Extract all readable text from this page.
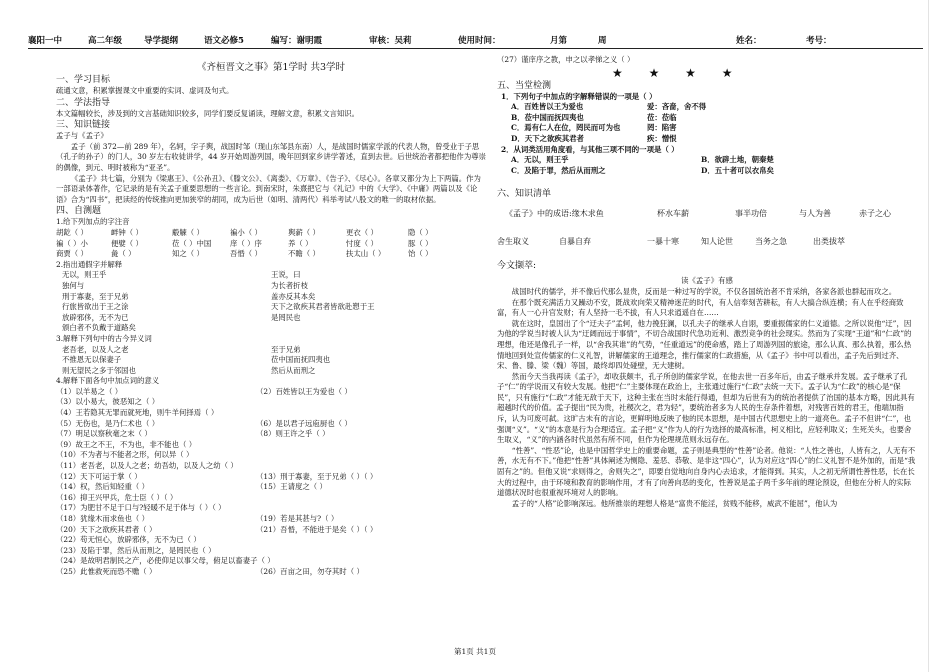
襄阳一中	高二年级	导学提纲	语文必修5	编写：谢明霞	审核：吴莉	使用时间：	月第	周	姓名：	考号：
《齐桓晋文之事》第1学时 共3学时
一、学习目标
疏通文意，积累掌握课文中重要的实词、虚词及句式。
二、学法指导
本文篇幅较长，涉及到的文言基础知识较多，同学们要反复诵读，理解文意，积累文言知识。
三、知识链接
孟子与《孟子》
孟子（前 372—前 289 年），名轲，字子舆，战国时邹（现山东邹县东南）人，是战国时儒家学派的代表人物，曾受业于子思（孔子的孙子）的门人，30 岁左右收徒讲学，44 岁开始周游列国，晚年回到家乡讲学著述，直到去世。后世统治者都把他作为尊崇的偶像，到元、明时被称为“亚圣”。
《孟子》共七篇，分别为《梁惠王》、《公孙丑》、《滕文公》、《离娄》、《万章》、《告子》、《尽心》。各章又都分为上下两篇。作为一部语录体著作，它记录的是有关孟子重要思想的一些言论。到南宋时，朱熹把它与《礼记》中的《大学》、《中庸》两篇以及《论语》合为“四书”，把读经的传统推向更加狭窄的胡同，成为后世（如明、清两代）科举考试八股文的唯一的取材依据。
四、自测题
1.给下列加点的字注音
胡龁（ ）	衅钟（ ）	觳觫（ ）	褊小（ ）	舆薪（ ）	更衣（ ）	隐（ ）
褊（ ）小	便嬖（ ）	莅（ ）中国	庠（ ）序	养（ ）	忖度（ ）	豚（ ）
商贾（ ）	彘（ ）	知之（ ）	吾惛（ ）	不瞻（ ）	扶太山（ ）	饴（ ）
2.指出通假字并解释
无以，则王乎
独何与
刑于寡妻，至于兄弟
行旅皆欲出于王之涂
放辟邪侈，无不为已
颁白者不负戴于道路矣
王说，曰
为长者折枝
盖亦反其本矣
天下之欲疾其君者皆欲赴愬于王
是罔民也
3.解释下列句中的古今异义词
老吾老，以及人之老	至于兄弟
不推恩无以保妻子	莅中国而抚四夷也
则无望民之多于邻国也	然后从而刑之
4.解释下面各句中加点词的意义
（1）以羊易之（ ）	（2）百姓皆以王为爱也（ ）
（3）以小易大，彼恶知之（ ）
（4）王若隐其无罪而就死地，则牛羊何择焉（ ）
（5）无伤也，是乃仁术也（ ）	（6）是以君子远庖厨也（ ）
（7）明足以察秋毫之末（ ）	（8）则王许之乎（ ）
（9）故王之不王，不为也，非不能也（ ）
（10）不为者与不能者之形，何以异（ ）
（11）老吾老，以及人之老；幼吾幼，以及人之幼（ ）
（12）天下可运于掌（ ）	（13）刑于寡妻，至于兄弟（ ）（ ）
（14）权，然后知轻重（ ）	（15）王请度之（ ）
（16）抑王兴甲兵，危士臣（ ）（ ）
（17）为肥甘不足于口与?轻暖不足于体与（ ）（ ）
（18）犹缘木而求鱼也（ ）	（19）若是其甚与?（ ）
（20）天下之欲疾其君者（ ）	（21）吾惛，不能进于是矣（ ）（ ）
（22）苟无恒心，放辟邪侈，无不为已（ ）
（23）及陷于罪，然后从而刑之，是罔民也（ ）
（24）是故明君制民之产，必使仰足以事父母，俯足以畜妻子（ ）
（25）此惟救死而恐不赡（ ）	（26）百亩之田，勿夺其时（ ）
（27）谨庠序之教，申之以孝悌之义（ ）
★ ★ ★ ★
五、当堂检测
1．下列句子中加点的字解释错误的一项是（ ）
A．百姓皆以王为爱也	爱：吝啬，舍不得
B．莅中国而抚四夷也	莅：莅临
C．焉有仁人在位，罔民而可为也	罔：陷害
D．天下之欲疾其君者	疾：憎恨
2．从词类活用角度看，与其他三项不同的一项是（ ）
A．无以，则王乎	B．欲辟土地，朝秦楚
C．及陷于罪，然后从而刑之	D．五十者可以衣帛矣
六、知识清单
《孟子》中的成语:缘木求鱼	杯水车薪	事半功倍	与人为善	赤子之心
舍生取义	自暴自弃	一暴十寒	知人论世	当务之急	出类拔萃
今文撷萃:
读《孟子》有感
战国时代的儒学，并不像后代那么显贵，反而是一种过写的学说，不仅各国统治者不肯采纳，各家各派也群起而攻之。
在那个既充满活力又躁动不安，既战欢向荣又精神迷茫的时代，有人信奉刻苦耕耘，有人大搞合纵连横；有人在乎经商致富，有人一心升官发财；有人坚持一毛不拔，有人只求逍遥自在……
就在这时，皇国出了个“迂夫子”孟轲，他力挽狂澜，以孔夫子的继承人自诩，要重振儒家的仁义道德。之所以说他“迂”，因为他的学说当时被人认为“迂阔而远于事情”，不切合战国时代急功近利、激烈竞争的社会现实。然而为了实现“王道”和“仁政”的理想，他还是像孔子一样，以“舍我其谁”的气势，“任重道远”的使命感，踏上了周游列国的旅途，那么认真、那么执着，那么热情地回到处宣传儒家的仁义礼智，讲解儒家的王道理念，推行儒家的仁政措施，从《孟子》书中可以看出，孟子先后到过齐、宋、鲁、滕、梁（魏）等国，最终却四处碰壁，无大建树。
然而今天当我再读《孟子》，却收获颇丰，孔子所创的儒家学说，在他去世一百多年后，由孟子继承并发展。孟子继承了孔子“仁”的学说而又有较大发展。他把“仁”主要体现在政治上，主张通过施行“仁政”去统一天下。孟子认为“仁政”的核心是“保民”，只有施行“仁政”才能无敌于天下，这种主张在当时未能行得通，但却为后世有为的统治者提供了治国的基本方略，因此具有超越时代的价值。孟子提出“民为贵，社稷次之，君为轻”，要统治者多为人民的生存条件着想，对残害百姓的君王，他端加指斥，认为可废可弑。这旷古未有的言论，更鲜明地反映了他的民本思想，是中国古代思想史上的一道亮色。孟子不但讲“仁”，也强调“义”。“义”的本意是行为合理适宜。孟子把“义”作为人的行为选择的最高标准，柯义相比，应轻利取义；生死关头，也要舍生取义，“义”的内涵各时代虽然有所不同，但作为伦理规范则永远存在。
“性善”、“性恶”论，也是中国哲学史上的重要命题，孟子则是典型的“性善”论者。他说：“人性之善也，人皆有之，人无有不善，水无有不下。”他把“性善”具体阐述为恻隐、羞恶、恭敬、是非这“四心”，认为对应这“四心”的仁义礼智不是外加的，而是“我固有之”的。但他又说“求则得之，舍则失之”，即要自觉地向自身内心去追求，才能得到。其实，人之初无所谓性善性恶，长在长大的过程中，由于环境和教育的影响作用，才有了向善向恶的变化，性善说是孟子两千多年前的理论预设，但他在分析人的实际道德状况时也很重视环境对人的影响。
孟子的“人格”论影响深远。他所推崇的理想人格是“富贵不能淫，贫贱不能移，威武不能屈”，他认为
第1页 共1页
